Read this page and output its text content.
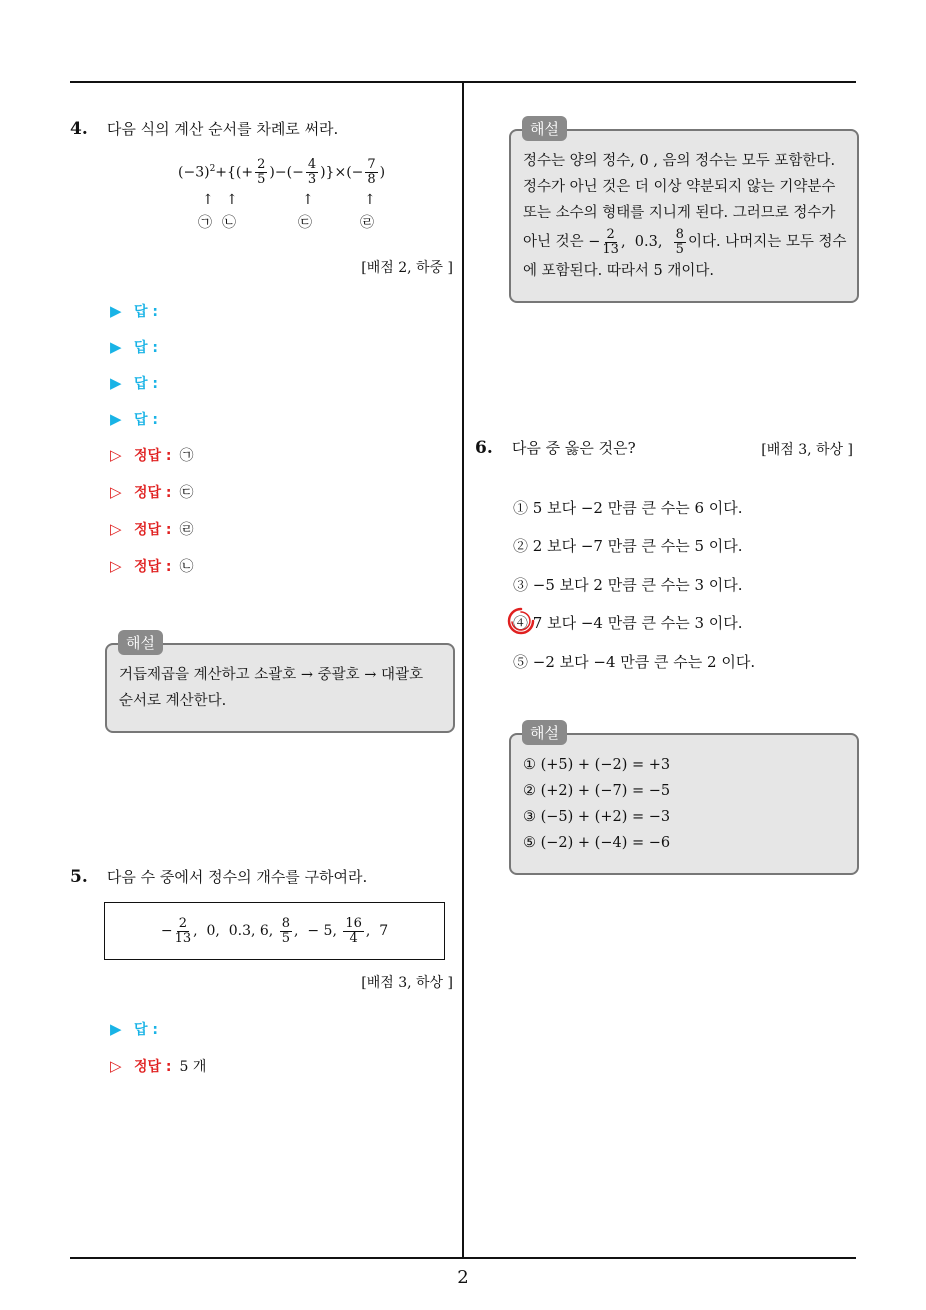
4. 다음 식의 계산 순서를 차례로 써라.
$(-3)^2+\{(+ \frac{2}{5}$ )−(− $\frac{4}{3}$ )}×(− $\frac{7}{8}$ )
↑ ↑	↑	↑
㉠ ㉡	㉢	㉣
[배점 2, 하중 ]
▶ 답 :
▶ 답 :
▶ 답 :
▶ 답 :
▷ 정답 : ㉠
▷ 정답 : ㉢
▷ 정답 : ㉣
▷ 정답 : ㉡
거듭제곱을 계산하고 소괄호 → 중괄호 → 대괄호
순서로 계산한다.
해설
5. 다음 수 중에서 정수의 개수를 구하여라.
− $\frac{2}{13}$ ,  0,  0.3, 6, $\frac{8}{5}$ ,  − 5, $\frac{16}{4}$ ,  7
[배점 3, 하상 ]
▶ 답 :
▷ 정답 : 5 개
정수는 양의 정수, 0 , 음의 정수는 모두 포함한다.
정수가 아닌 것은 더 이상 약분되지 않는 기약분수
또는 소수의 형태를 지니게 된다. 그러므로 정수가
아닌 것은 − $\frac{2}{13}$ ,  0.3, $\frac{8}{5}$ 이다. 나머지는 모두 정수
에 포함된다. 따라서 5 개이다.
해설
6. 다음 중 옳은 것은?	[배점 3, 하상 ]
① 5 보다 −2 만큼 큰 수는 6 이다.
② 2 보다 −7 만큼 큰 수는 5 이다.
③ −5 보다 2 만큼 큰 수는 3 이다.
④ 7 보다 −4 만큼 큰 수는 3 이다.
⑤ −2 보다 −4 만큼 큰 수는 2 이다.
① (+5) + (−2) = +3
② (+2) + (−7) = −5
③ (−5) + (+2) = −3
⑤ (−2) + (−4) = −6
해설
2
